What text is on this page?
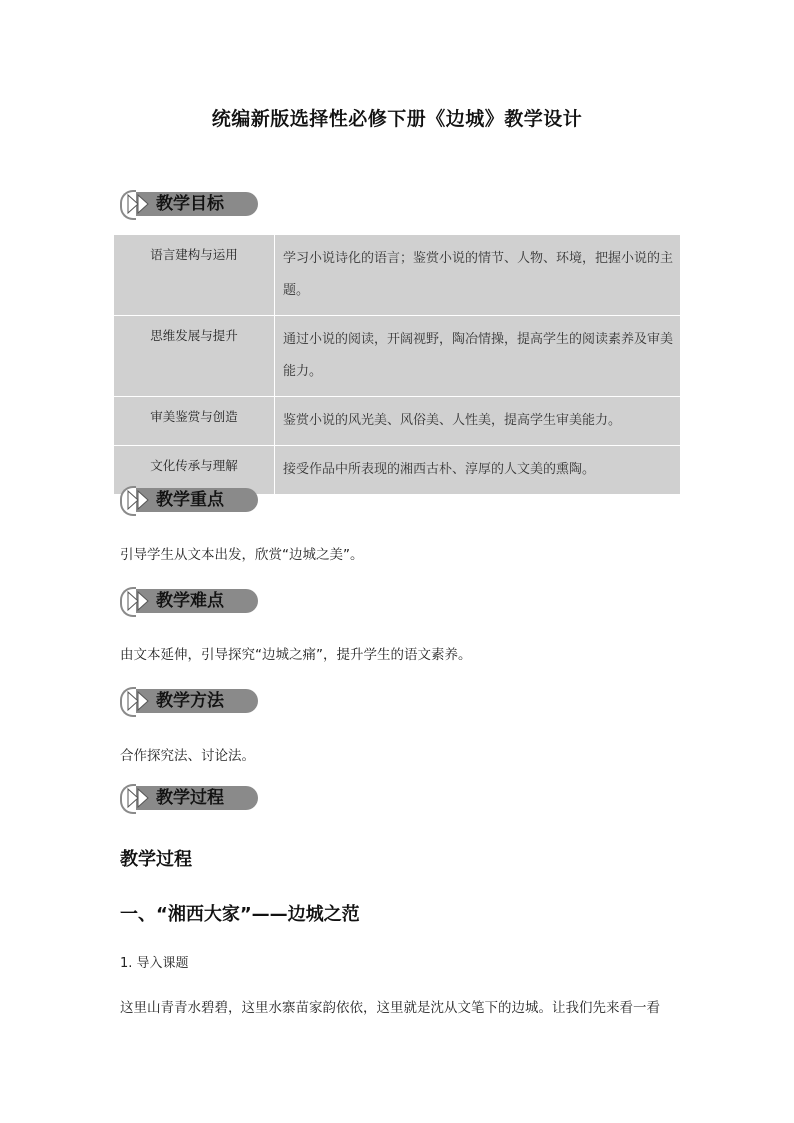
统编新版选择性必修下册《边城》教学设计
教学目标
语言建构与运用	学习小说诗化的语言；鉴赏小说的情节、人物、环境，把握小说的主题。
思维发展与提升	通过小说的阅读，开阔视野，陶冶情操，提高学生的阅读素养及审美能力。
审美鉴赏与创造	鉴赏小说的风光美、风俗美、人性美，提高学生审美能力。
文化传承与理解	接受作品中所表现的湘西古朴、淳厚的人文美的熏陶。
教学重点
引导学生从文本出发，欣赏“边城之美”。
教学难点
由文本延伸，引导探究“边城之痛”，提升学生的语文素养。
教学方法
合作探究法、讨论法。
教学过程
教学过程
一、“湘西大家”——边城之范
1. 导入课题
这里山青青水碧碧，这里水寨苗家韵依依，这里就是沈从文笔下的边城。让我们先来看一看
